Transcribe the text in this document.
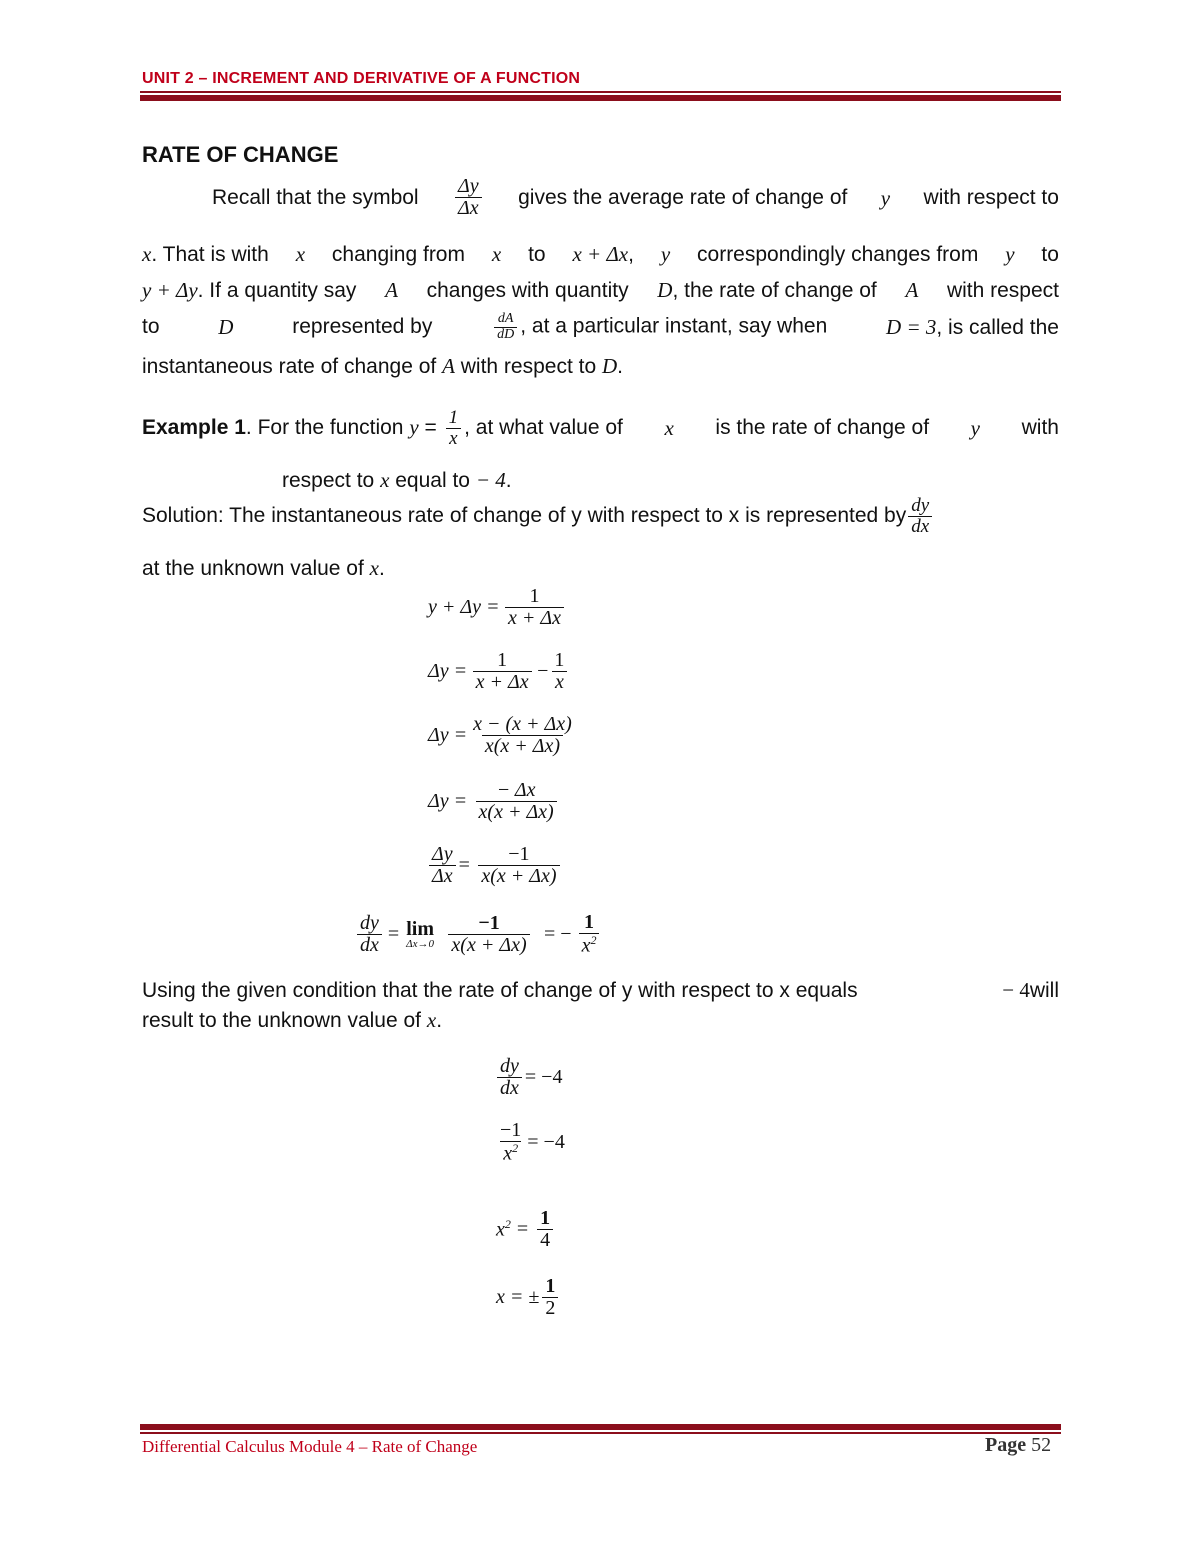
UNIT 2 – INCREMENT AND DERIVATIVE OF A FUNCTION
RATE OF CHANGE
Recall that the symbol $\frac{\Delta y}{\Delta x}$ gives the average rate of change of y with respect to
x. That is with x changing from x to x + Δx, y correspondingly changes from y to
y + Δy. If a quantity say A changes with quantity D, the rate of change of A with respect
to	D	represented by	$\frac{dA}{dD}$ , at a particular instant, say when	D = 3, is called the
instantaneous rate of change of A with respect to D.
Example 1. For the function $y = \frac{1}{x}$ , at what value of x is the rate of change of y with
respect to x equal to − 4.
Solution: The instantaneous rate of change of y with respect to x is represented by $\frac{dy}{dx}$
at the unknown value of x.
$y + \Delta y = \frac{1}{x + \Delta x}$
$\Delta y = \frac{1}{x + \Delta x} - \frac{1}{x}$
$\Delta y = \frac{x - (x + \Delta x)}{x(x + \Delta x)}$
$\Delta y = \frac{- \Delta x}{x(x + \Delta x)}$
$\frac{\Delta y}{\Delta x} = \frac{-1}{x(x + \Delta x)}$
$\frac{dy}{dx} = \lim$
$\Delta x\to 0 \frac{-1}{x(x + \Delta x)}$ = − $\frac{1}{x^2}$
Using the given condition that the rate of change of y with respect to x equals	− 4will
result to the unknown value of x.
$\frac{dy}{dx} = -4$
$\frac{-1}{x^2} = -4$
$x^2 = \frac{1}{4}$
x = ± $\frac{1}{2}$
Differential Calculus Module 4 – Rate of Change	Page 52
